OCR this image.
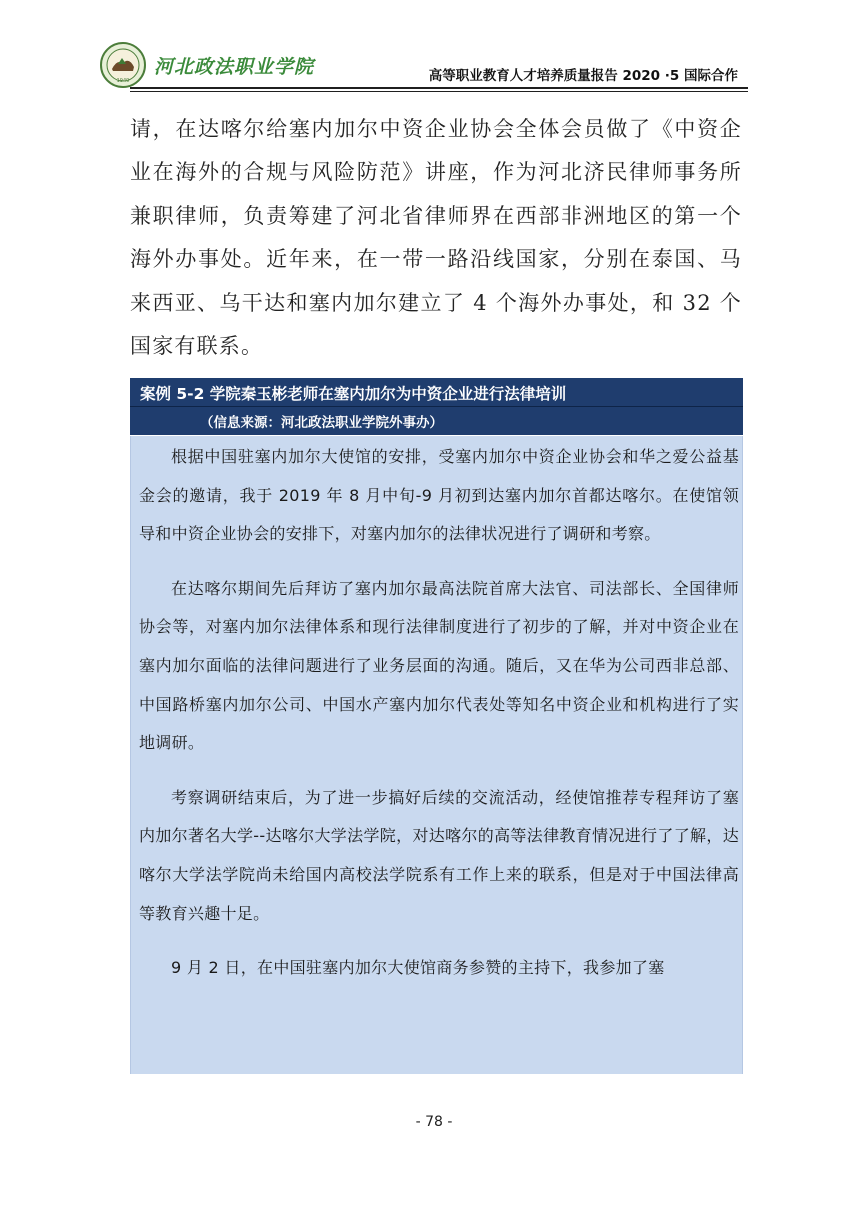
1949
河北政法职业学院	高等职业教育人才培养质量报告 2020 ·5 国际合作

请，在达喀尔给塞内加尔中资企业协会全体会员做了《中资企业在海外的合规与风险防范》讲座，作为河北济民律师事务所兼职律师，负责筹建了河北省律师界在西部非洲地区的第一个海外办事处。近年来，在一带一路沿线国家，分别在泰国、马来西亚、乌干达和塞内加尔建立了 4 个海外办事处，和 32 个国家有联系。

案例 5-2 学院秦玉彬老师在塞内加尔为中资企业进行法律培训
（信息来源：河北政法职业学院外事办）

根据中国驻塞内加尔大使馆的安排，受塞内加尔中资企业协会和华之爱公益基金会的邀请，我于 2019 年 8 月中旬-9 月初到达塞内加尔首都达喀尔。在使馆领导和中资企业协会的安排下，对塞内加尔的法律状况进行了调研和考察。

在达喀尔期间先后拜访了塞内加尔最高法院首席大法官、司法部长、全国律师协会等，对塞内加尔法律体系和现行法律制度进行了初步的了解，并对中资企业在塞内加尔面临的法律问题进行了业务层面的沟通。随后，又在华为公司西非总部、中国路桥塞内加尔公司、中国水产塞内加尔代表处等知名中资企业和机构进行了实地调研。

考察调研结束后，为了进一步搞好后续的交流活动，经使馆推荐专程拜访了塞内加尔著名大学--达喀尔大学法学院，对达喀尔的高等法律教育情况进行了了解，达喀尔大学法学院尚未给国内高校法学院系有工作上来的联系，但是对于中国法律高等教育兴趣十足。

9 月 2 日，在中国驻塞内加尔大使馆商务参赞的主持下，我参加了塞

- 78 -
